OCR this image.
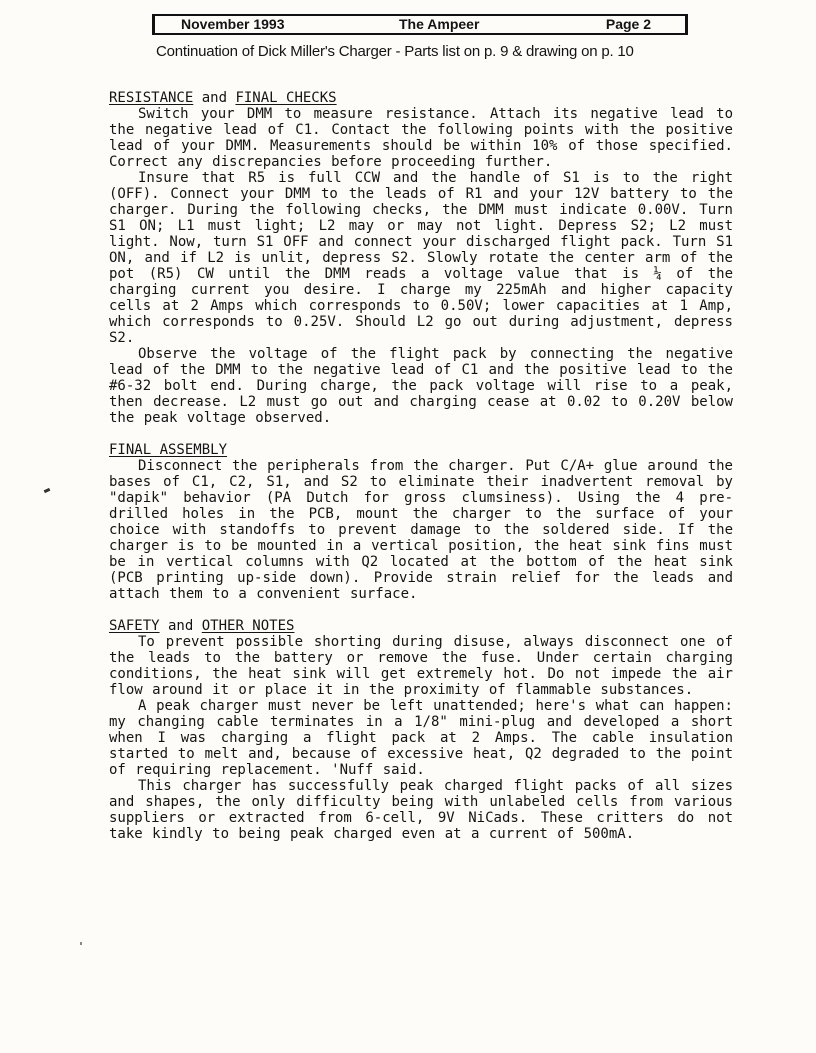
November 1993	The Ampeer	Page 2
Continuation of Dick Miller's Charger - Parts list on p. 9 & drawing on p. 10

RESISTANCE and FINAL CHECKS

Switch your DMM to measure resistance. Attach its negative lead to the negative lead of C1. Contact the following points with the positive lead of your DMM. Measurements should be within 10% of those specified. Correct any discrepancies before proceeding further.

Insure that R5 is full CCW and the handle of S1 is to the right (OFF). Connect your DMM to the leads of R1 and your 12V battery to the charger. During the following checks, the DMM must indicate 0.00V. Turn S1 ON; L1 must light; L2 may or may not light. Depress S2; L2 must light. Now, turn S1 OFF and connect your discharged flight pack. Turn S1 ON, and if L2 is unlit, depress S2. Slowly rotate the center arm of the pot (R5) CW until the DMM reads a voltage value that is ¼ of the charging current you desire. I charge my 225mAh and higher capacity cells at 2 Amps which corresponds to 0.50V; lower capacities at 1 Amp, which corresponds to 0.25V. Should L2 go out during adjustment, depress S2.

Observe the voltage of the flight pack by connecting the negative lead of the DMM to the negative lead of C1 and the positive lead to the #6-32 bolt end. During charge, the pack voltage will rise to a peak, then decrease. L2 must go out and charging cease at 0.02 to 0.20V below the peak voltage observed.

FINAL ASSEMBLY

Disconnect the peripherals from the charger. Put C/A+ glue around the bases of C1, C2, S1, and S2 to eliminate their inadvertent removal by "dapik" behavior (PA Dutch for gross clumsiness). Using the 4 pre-drilled holes in the PCB, mount the charger to the surface of your choice with standoffs to prevent damage to the soldered side. If the charger is to be mounted in a vertical position, the heat sink fins must be in vertical columns with Q2 located at the bottom of the heat sink (PCB printing up-side down). Provide strain relief for the leads and attach them to a convenient surface.

SAFETY and OTHER NOTES

To prevent possible shorting during disuse, always disconnect one of the leads to the battery or remove the fuse. Under certain charging conditions, the heat sink will get extremely hot. Do not impede the air flow around it or place it in the proximity of flammable substances.

A peak charger must never be left unattended; here's what can happen: my changing cable terminates in a 1/8" mini-plug and developed a short when I was charging a flight pack at 2 Amps. The cable insulation started to melt and, because of excessive heat, Q2 degraded to the point of requiring replacement. 'Nuff said.

This charger has successfully peak charged flight packs of all sizes and shapes, the only difficulty being with unlabeled cells from various suppliers or extracted from 6-cell, 9V NiCads. These critters do not take kindly to being peak charged even at a current of 500mA.
